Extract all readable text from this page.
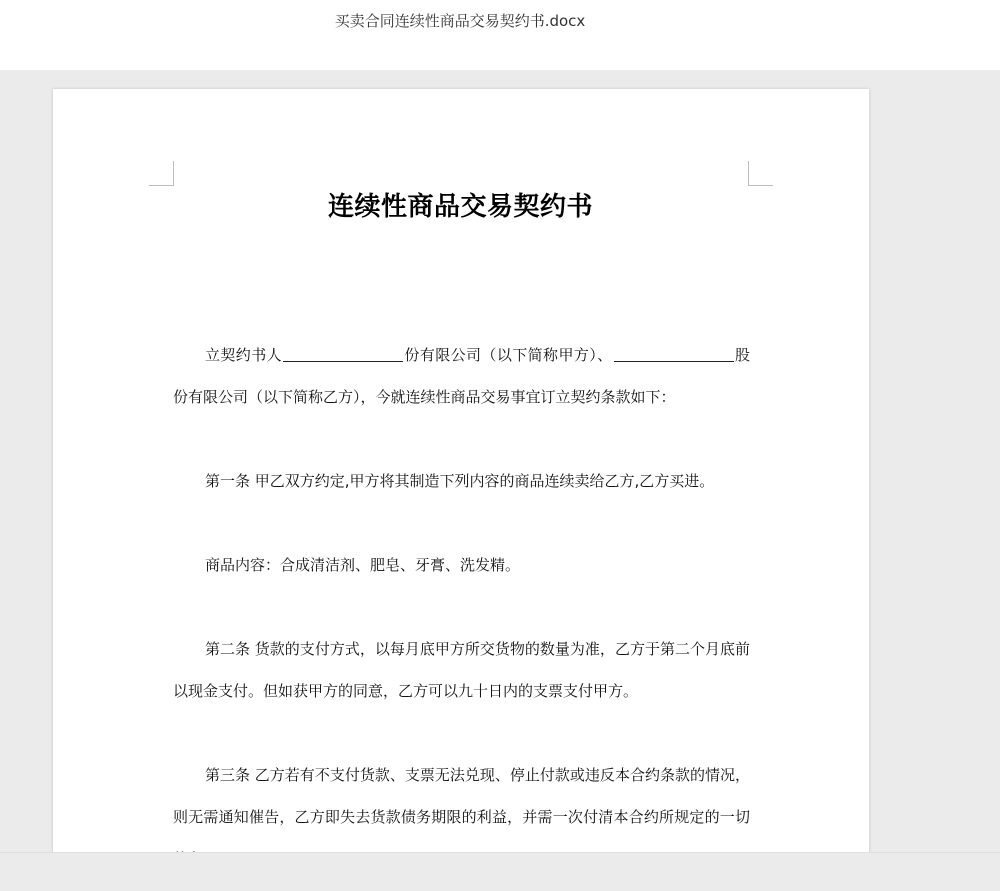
买卖合同连续性商品交易契约书.docx
连续性商品交易契约书

立契约书人	份有限公司（以下简称甲方）、	股份有限公司（以下简称乙方），今就连续性商品交易事宜订立契约条款如下：

第一条 甲乙双方约定,甲方将其制造下列内容的商品连续卖给乙方,乙方买进。

商品内容：合成清洁剂、肥皂、牙膏、洗发精。

第二条 货款的支付方式，以每月底甲方所交货物的数量为准，乙方于第二个月底前以现金支付。但如获甲方的同意，乙方可以九十日内的支票支付甲方。

第三条 乙方若有不支付货款、支票无法兑现、停止付款或违反本合约条款的情况，则无需通知催告，乙方即失去货款债务期限的利益，并需一次付清本合约所规定的一切
